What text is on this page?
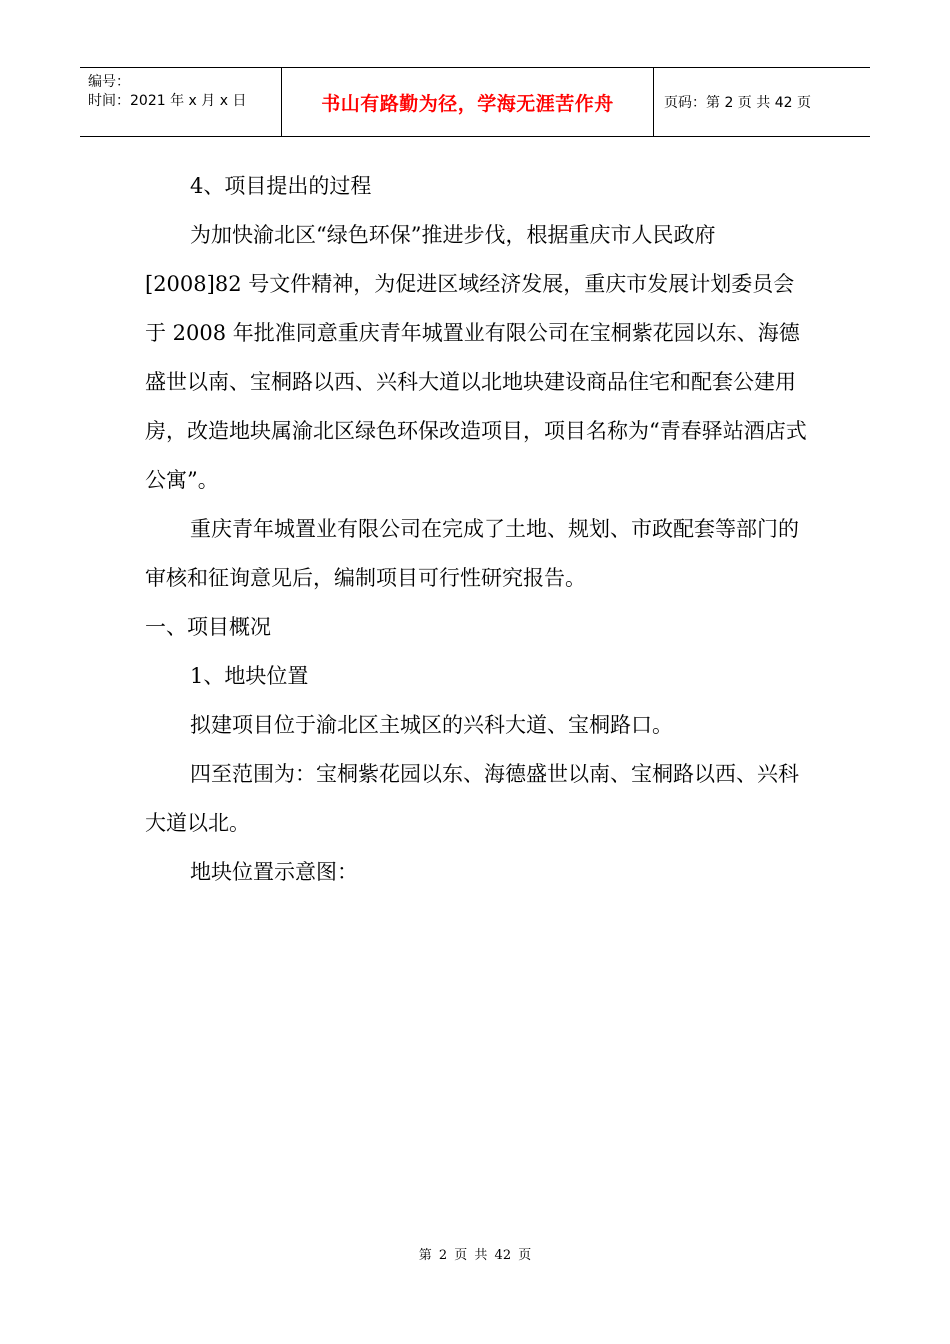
编号：
时间：2021 年 x 月 x 日	书山有路勤为径，学海无涯苦作舟	页码：第 2 页 共 42 页

4、项目提出的过程

为加快渝北区“绿色环保”推进步伐，根据重庆市人民政府[2008]82 号文件精神，为促进区域经济发展，重庆市发展计划委员会于 2008 年批准同意重庆青年城置业有限公司在宝桐紫花园以东、海德盛世以南、宝桐路以西、兴科大道以北地块建设商品住宅和配套公建用房，改造地块属渝北区绿色环保改造项目，项目名称为“青春驿站酒店式公寓”。

重庆青年城置业有限公司在完成了土地、规划、市政配套等部门的审核和征询意见后，编制项目可行性研究报告。

一、项目概况

1、地块位置

拟建项目位于渝北区主城区的兴科大道、宝桐路口。

四至范围为：宝桐紫花园以东、海德盛世以南、宝桐路以西、兴科大道以北。

地块位置示意图：

第 2 页 共 42 页
